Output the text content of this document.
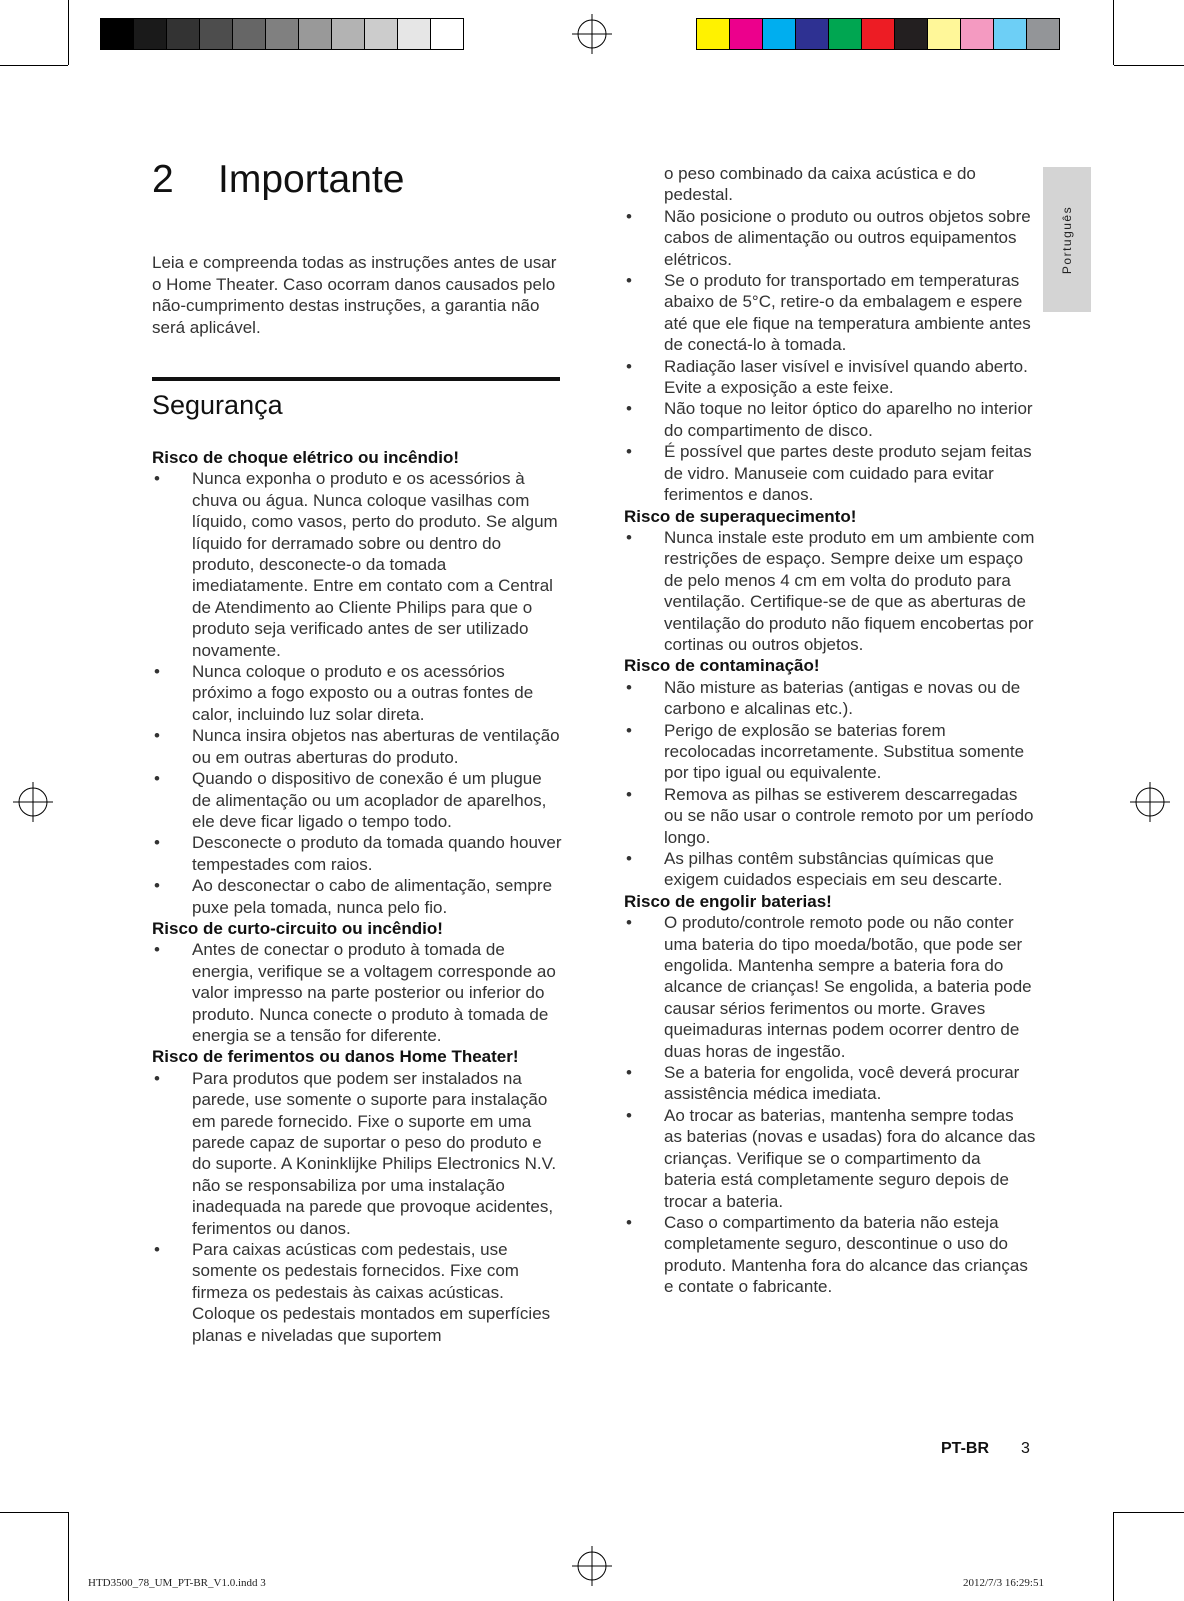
2 Importante
Leia e compreenda todas as instruções antes de usar o Home Theater. Caso ocorram danos causados pelo não-cumprimento destas instruções, a garantia não será aplicável.
Segurança

Risco de choque elétrico ou incêndio!

• Nunca exponha o produto e os acessórios à chuva ou água. Nunca coloque vasilhas com líquido, como vasos, perto do produto. Se algum líquido for derramado sobre ou dentro do produto, desconecte-o da tomada imediatamente. Entre em contato com a Central de Atendimento ao Cliente Philips para que o produto seja verificado antes de ser utilizado novamente.
• Nunca coloque o produto e os acessórios próximo a fogo exposto ou a outras fontes de calor, incluindo luz solar direta.
• Nunca insira objetos nas aberturas de ventilação ou em outras aberturas do produto.
• Quando o dispositivo de conexão é um plugue de alimentação ou um acoplador de aparelhos, ele deve ficar ligado o tempo todo.
• Desconecte o produto da tomada quando houver tempestades com raios.
• Ao desconectar o cabo de alimentação, sempre puxe pela tomada, nunca pelo fio.

Risco de curto-circuito ou incêndio!

• Antes de conectar o produto à tomada de energia, verifique se a voltagem corresponde ao valor impresso na parte posterior ou inferior do produto. Nunca conecte o produto à tomada de energia se a tensão for diferente.

Risco de ferimentos ou danos Home Theater!

• Para produtos que podem ser instalados na parede, use somente o suporte para instalação em parede fornecido. Fixe o suporte em uma parede capaz de suportar o peso do produto e do suporte. A Koninklijke Philips Electronics N.V. não se responsabiliza por uma instalação inadequada na parede que provoque acidentes, ferimentos ou danos.
• Para caixas acústicas com pedestais, use somente os pedestais fornecidos. Fixe com firmeza os pedestais às caixas acústicas. Coloque os pedestais montados em superfícies planas e niveladas que suportem

o peso combinado da caixa acústica e do pedestal.

• Não posicione o produto ou outros objetos sobre cabos de alimentação ou outros equipamentos elétricos.
• Se o produto for transportado em temperaturas abaixo de 5°C, retire-o da embalagem e espere até que ele fique na temperatura ambiente antes de conectá-lo à tomada.
• Radiação laser visível e invisível quando aberto. Evite a exposição a este feixe.
• Não toque no leitor óptico do aparelho no interior do compartimento de disco.
• É possível que partes deste produto sejam feitas de vidro. Manuseie com cuidado para evitar ferimentos e danos.

Risco de superaquecimento!

• Nunca instale este produto em um ambiente com restrições de espaço. Sempre deixe um espaço de pelo menos 4 cm em volta do produto para ventilação. Certifique-se de que as aberturas de ventilação do produto não fiquem encobertas por cortinas ou outros objetos.

Risco de contaminação!

• Não misture as baterias (antigas e novas ou de carbono e alcalinas etc.).
• Perigo de explosão se baterias forem recolocadas incorretamente. Substitua somente por tipo igual ou equivalente.
• Remova as pilhas se estiverem descarregadas ou se não usar o controle remoto por um período longo.
• As pilhas contêm substâncias químicas que exigem cuidados especiais em seu descarte.

Risco de engolir baterias!

• O produto/controle remoto pode ou não conter uma bateria do tipo moeda/botão, que pode ser engolida. Mantenha sempre a bateria fora do alcance de crianças! Se engolida, a bateria pode causar sérios ferimentos ou morte. Graves queimaduras internas podem ocorrer dentro de duas horas de ingestão.
• Se a bateria for engolida, você deverá procurar assistência médica imediata.
• Ao trocar as baterias, mantenha sempre todas as baterias (novas e usadas) fora do alcance das crianças. Verifique se o compartimento da bateria está completamente seguro depois de trocar a bateria.
• Caso o compartimento da bateria não esteja completamente seguro, descontinue o uso do produto. Mantenha fora do alcance das crianças e contate o fabricante.
Português
PT-BR 3
HTD3500_78_UM_PT-BR_V1.0.indd 3	2012/7/3 16:29:51
